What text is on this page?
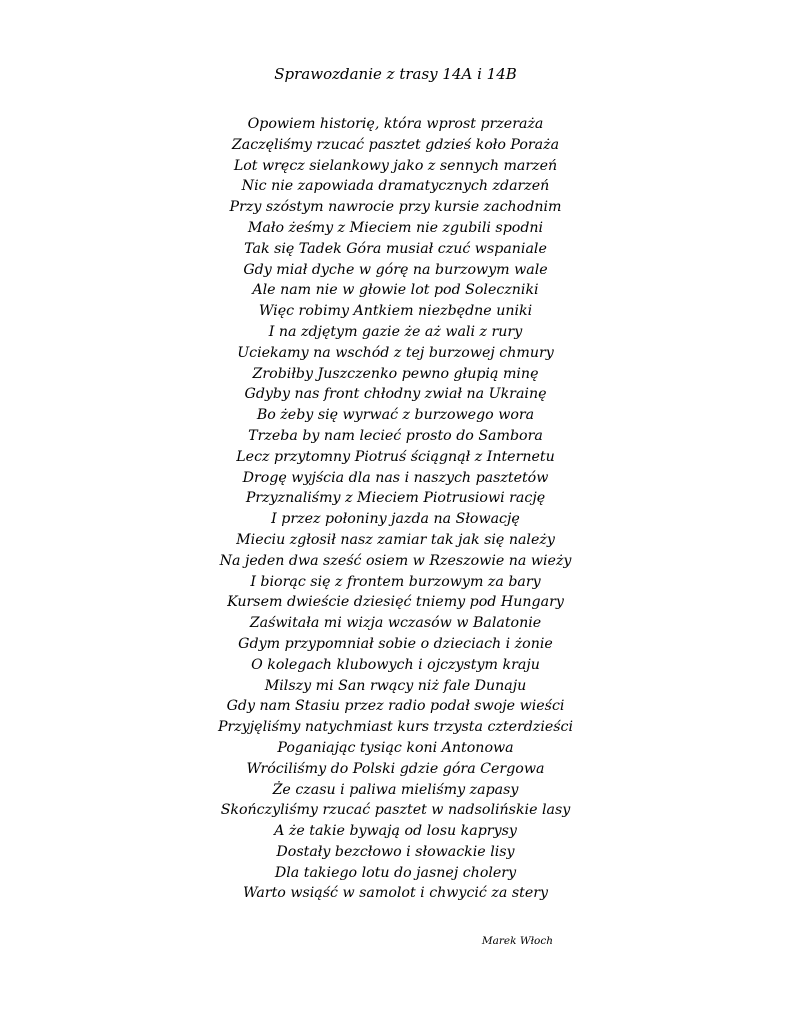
Sprawozdanie z trasy 14A i 14B
Opowiem historię, która wprost przeraża
Zaczęliśmy rzucać pasztet gdzieś koło Poraża
Lot wręcz sielankowy jako z sennych marzeń
Nic nie zapowiada dramatycznych zdarzeń
Przy szóstym nawrocie przy kursie zachodnim
Mało żeśmy z Mieciem nie zgubili spodni
Tak się Tadek Góra musiał czuć wspaniale
Gdy miał dyche w górę na burzowym wale
Ale nam nie w głowie lot pod Solecznikі
Więc robimy Antkiem niezbędne uniki
I na zdjętym gazie że aż wali z rury
Uciekamy na wschód z tej burzowej chmury
Zrobiłby Juszczenko pewno głupią minę
Gdyby nas front chłodny zwiał na Ukrainę
Bo żeby się wyrwać z burzowego wora
Trzeba by nam lecieć prosto do Sambora
Lecz przytomny Piotruś ściągnął z Internetu
Drogę wyjścia dla nas i naszych pasztetów
Przyznaliśmy z Mieciem Piotrusiowi rację
I przez połoniny jazda na Słowację
Mieciu zgłosił nasz zamiar tak jak się należy
Na jeden dwa sześć osiem w Rzeszowie na wieży
I biorąc się z frontem burzowym za bary
Kursem dwieście dziesięć tniemy pod Hungary
Zaświtała mi wizja wczasów w Balatonie
Gdym przypomniał sobie o dzieciach i żonie
O kolegach klubowych i ojczystym kraju
Milszy mi San rwący niż fale Dunaju
Gdy nam Stasiu przez radio podał swoje wieści
Przyjęliśmy natychmiast kurs trzysta czterdzieści
Poganiając tysiąc koni Antonowa
Wróciliśmy do Polski gdzie góra Cergowa
Że czasu i paliwa mieliśmy zapasy
Skończyliśmy rzucać pasztet w nadsolińskie lasy
A że takie bywają od losu kaprysy
Dostały bezcłowo i słowackie lisy
Dla takiego lotu do jasnej cholery
Warto wsiąść w samolot i chwycić za stery
Marek Włoch
